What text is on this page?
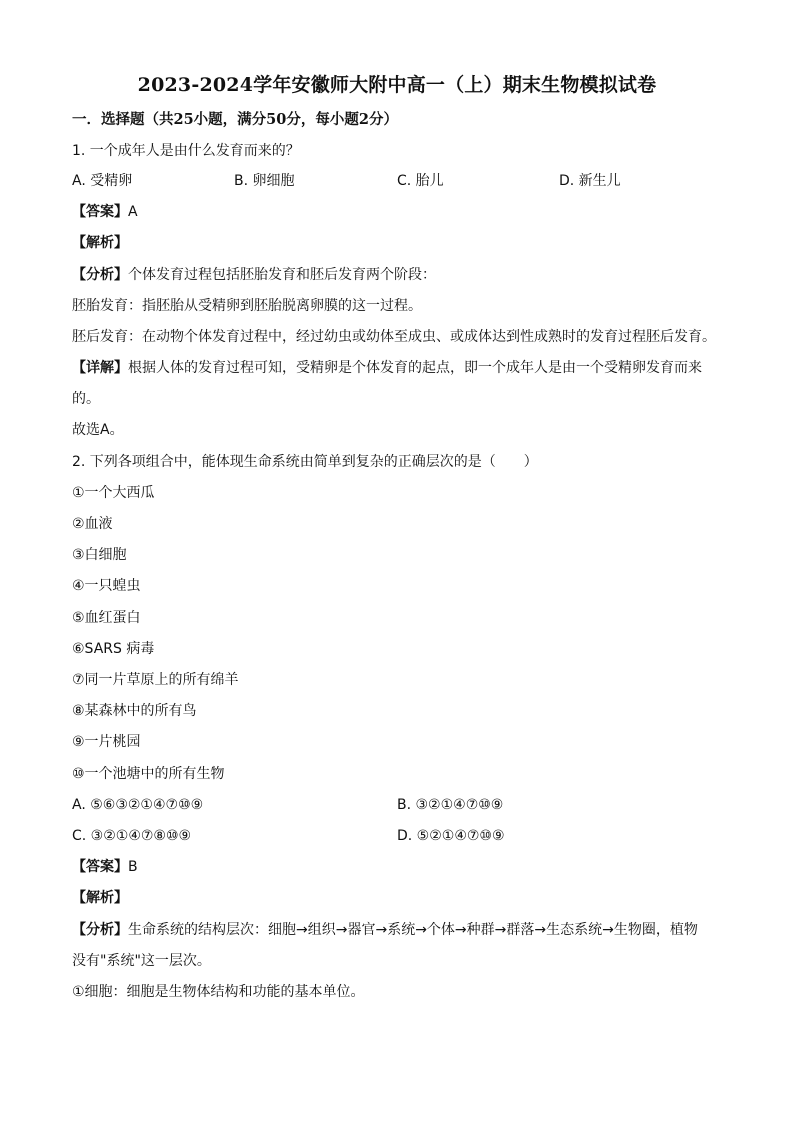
2023-2024学年安徽师大附中高一（上）期末生物模拟试卷
一．选择题（共25小题，满分50分，每小题2分）
1. 一个成年人是由什么发育而来的？
A. 受精卵	B. 卵细胞	C. 胎儿	D. 新生儿
【答案】A
【解析】
【分析】个体发育过程包括胚胎发育和胚后发育两个阶段：
胚胎发育：指胚胎从受精卵到胚胎脱离卵膜的这一过程。
胚后发育：在动物个体发育过程中，经过幼虫或幼体至成虫、或成体达到性成熟时的发育过程胚后发育。
【详解】根据人体的发育过程可知，受精卵是个体发育的起点，即一个成年人是由一个受精卵发育而来
的。
故选A。
2. 下列各项组合中，能体现生命系统由简单到复杂的正确层次的是（　　）
①一个大西瓜
②血液
③白细胞
④一只蝗虫
⑤血红蛋白
⑥SARS 病毒
⑦同一片草原上的所有绵羊
⑧某森林中的所有鸟
⑨一片桃园
⑩一个池塘中的所有生物
A. ⑤⑥③②①④⑦⑩⑨	B. ③②①④⑦⑩⑨
C. ③②①④⑦⑧⑩⑨	D. ⑤②①④⑦⑩⑨
【答案】B
【解析】
【分析】生命系统的结构层次：细胞→组织→器官→系统→个体→种群→群落→生态系统→生物圈，植物
没有"系统"这一层次。
①细胞：细胞是生物体结构和功能的基本单位。
